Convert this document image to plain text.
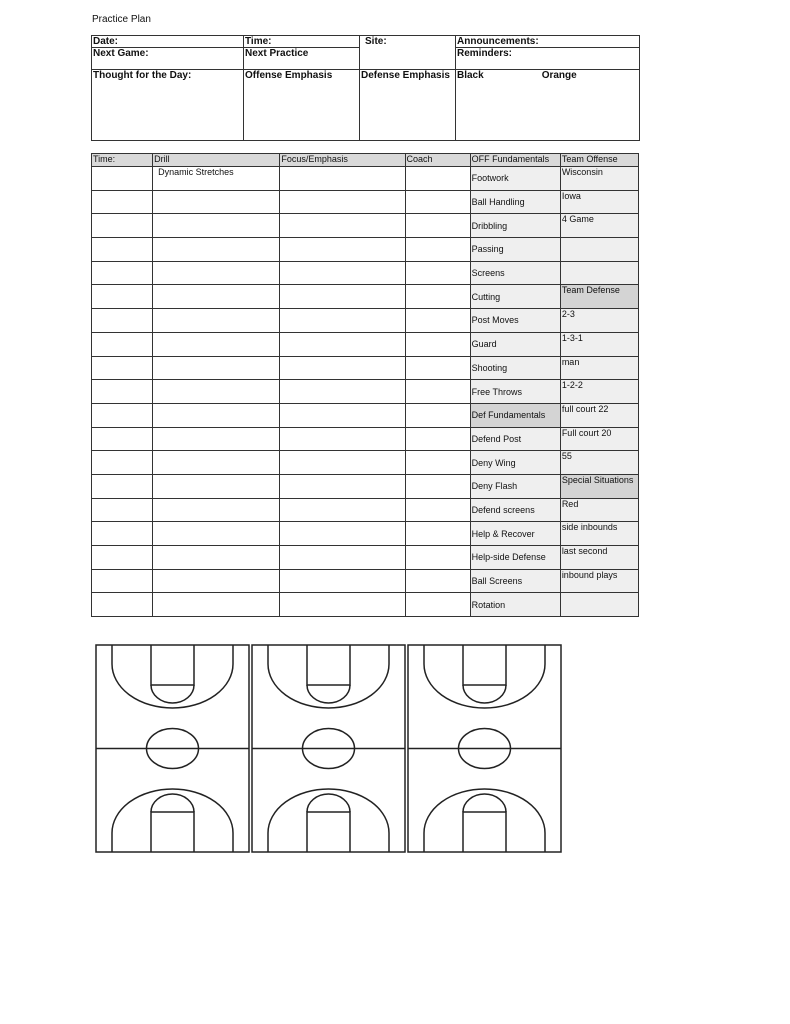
Practice Plan
Date:	Time:	Site:	Announcements:
Next Game:	Next Practice		Reminders:
Thought for the Day:	Offense Emphasis	Defense Emphasis	Black Orange
Time:	Drill	Focus/Emphasis	Coach	OFF Fundamentals	Team Offense
	Dynamic Stretches			Footwork	Wisconsin
				Ball Handling	Iowa
				Dribbling	4 Game
				Passing	
				Screens	
				Cutting	Team Defense
				Post Moves	2-3
				Guard	1-3-1
				Shooting	man
				Free Throws	1-2-2
				Def Fundamentals	full court 22
				Defend Post	Full court 20
				Deny Wing	55
				Deny Flash	Special Situations
				Defend screens	Red
				Help & Recover	side inbounds
				Help-side Defense	last second
				Ball Screens	inbound plays
				Rotation	
